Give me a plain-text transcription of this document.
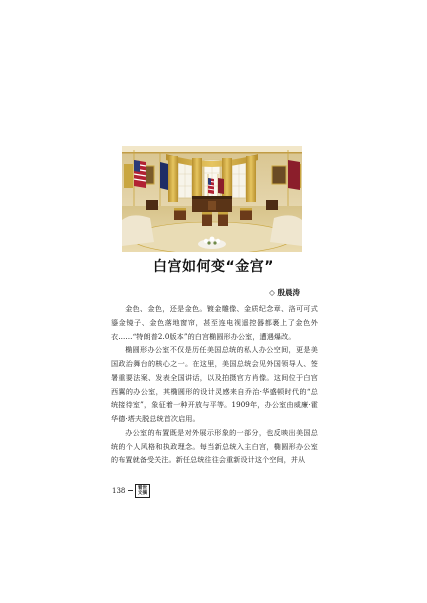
白宫如何变“金宫”
◇ 殷晨涛

金色、金色，还是金色。镀金雕像、金质纪念章、洛可可式鎏金镜子、金色落地窗帘，甚至连电视遥控器都裹上了金色外衣……“特朗普2.0版本”的白宫椭圆形办公室，遭遇爆改。

椭圆形办公室不仅是历任美国总统的私人办公空间，更是美国政治舞台的核心之一。在这里，美国总统会见外国领导人、签署重要法案、发表全国讲话，以及拍摄官方肖像。这间位于白宫西翼的办公室，其椭圆形的设计灵感来自乔治·华盛顿时代的“总统接待室”，象征着一种开放与平等。1909年，办公室由威廉·霍华德·塔夫脱总统首次启用。

办公室的布置既是对外展示形象的一部分，也反映出美国总统的个人风格和执政理念。每当新总统入主白宫，椭圆形办公室的布置就备受关注。新任总统往往会重新设计这个空间，并从

138	看世
文摘
